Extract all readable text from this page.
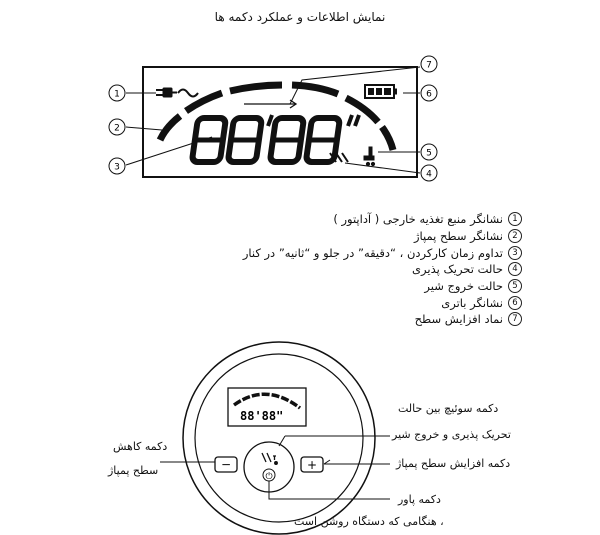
نمایش اطلاعات و عملکرد دکمه ها
1
2
3
4
5
6
7
88'88"
−	+
⏻
1
نشانگر منبع تغذیه خارجی ( آداپتور )
2
نشانگر سطح پمپاژ
3
تداوم زمان کارکردن ، “دقیقه” در جلو و “ثانیه” در کنار
4
حالت تحریک پذیری
5
حالت خروج شیر
6
نشانگر باتری
7
نماد افزایش سطح
دکمه سوئیچ بین حالت
تحریک پذیری و خروج شیر
دکمه افزایش سطح پمپاژ
دکمه کاهش
سطح پمپاژ
دکمه پاور
، هنگامی که دستگاه روشن است
